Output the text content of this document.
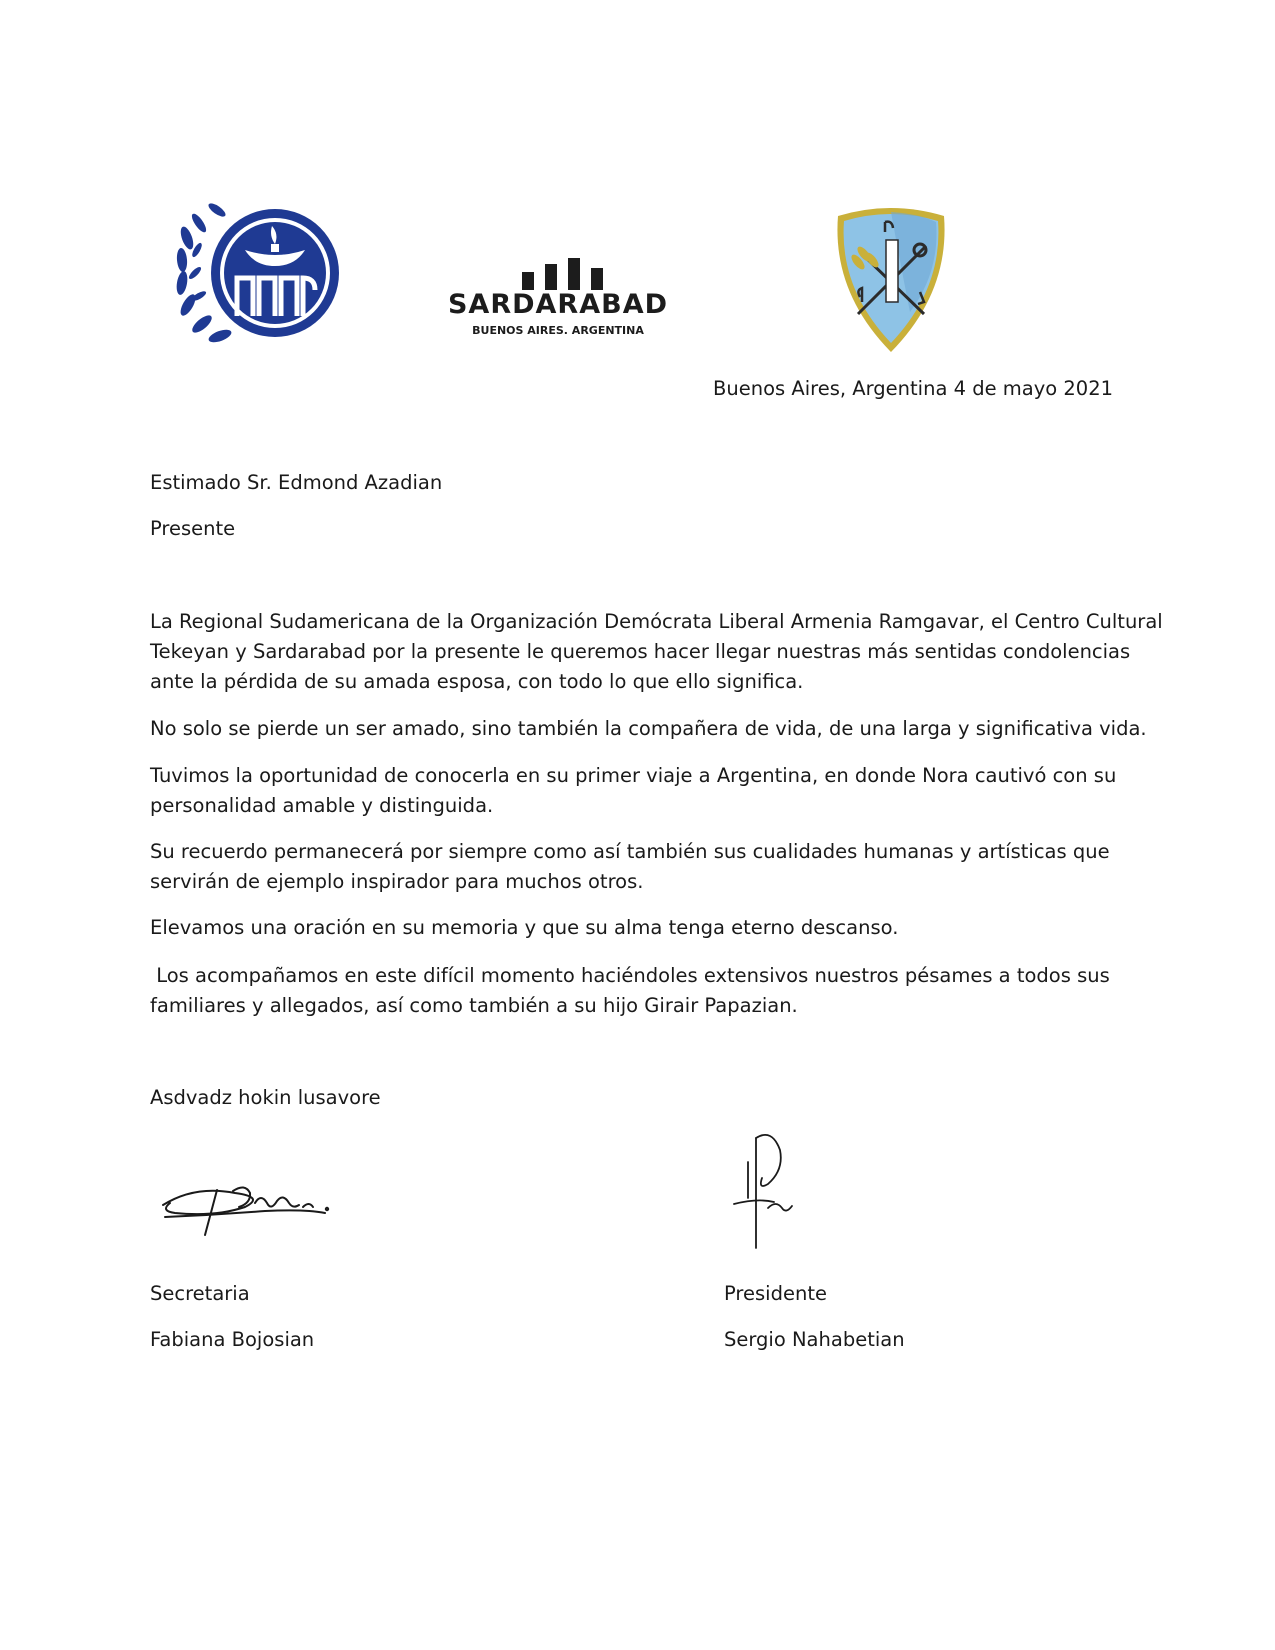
SARDARABAD
BUENOS AIRES. ARGENTINA
Buenos Aires, Argentina 4 de mayo 2021
Estimado Sr. Edmond Azadian
Presente
La Regional Sudamericana de la Organización Demócrata Liberal Armenia Ramgavar, el Centro Cultural
Tekeyan y Sardarabad por la presente le queremos hacer llegar nuestras más sentidas condolencias
ante la pérdida de su amada esposa, con todo lo que ello significa.
No solo se pierde un ser amado, sino también la compañera de vida, de una larga y significativa vida.
Tuvimos la oportunidad de conocerla en su primer viaje a Argentina, en donde Nora cautivó con su
personalidad amable y distinguida.
Su recuerdo permanecerá por siempre como así también sus cualidades humanas y artísticas que
servirán de ejemplo inspirador para muchos otros.
Elevamos una oración en su memoria y que su alma tenga eterno descanso.
Los acompañamos en este difícil momento haciéndoles extensivos nuestros pésames a todos sus
familiares y allegados, así como también a su hijo Girair Papazian.
Asdvadz hokin lusavore
Secretaria
Fabiana Bojosian
Presidente
Sergio Nahabetian
